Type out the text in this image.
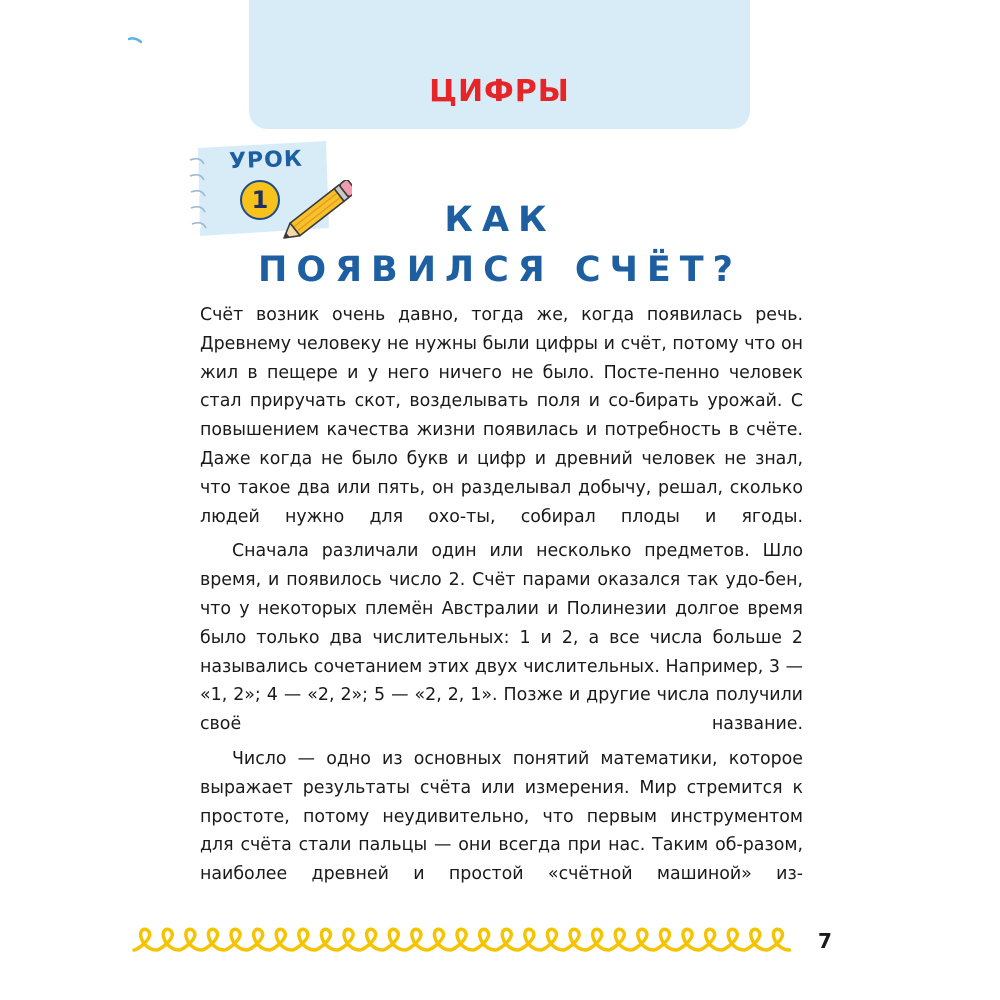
ЦИФРЫ
УРОК
1	КАК
ПОЯВИЛСЯ СЧЁТ?

Счёт возник очень давно, тогда же, когда появилась речь. Древнему человеку не нужны были цифры и счёт, потому что он жил в пещере и у него ничего не было. Посте-пенно человек стал приручать скот, возделывать поля и со-бирать урожай. С повышением качества жизни появилась и потребность в счёте. Даже когда не было букв и цифр и древний человек не знал, что такое два или пять, он разделывал добычу, решал, сколько людей нужно для охо-ты, собирал плоды и ягоды.

Сначала различали один или несколько предметов. Шло время, и появилось число 2. Счёт парами оказался так удо-бен, что у некоторых племён Австралии и Полинезии долгое время было только два числительных: 1 и 2, а все числа больше 2 назывались сочетанием этих двух числительных. Например, 3 — «1, 2»; 4 — «2, 2»; 5 — «2, 2, 1». Позже и другие числа получили своё название.

Число — одно из основных понятий математики, которое выражает результаты счёта или измерения. Мир стремится к простоте, потому неудивительно, что первым инструментом для счёта стали пальцы — они всегда при нас. Таким об-разом, наиболее древней и простой «счётной машиной» из-

7
